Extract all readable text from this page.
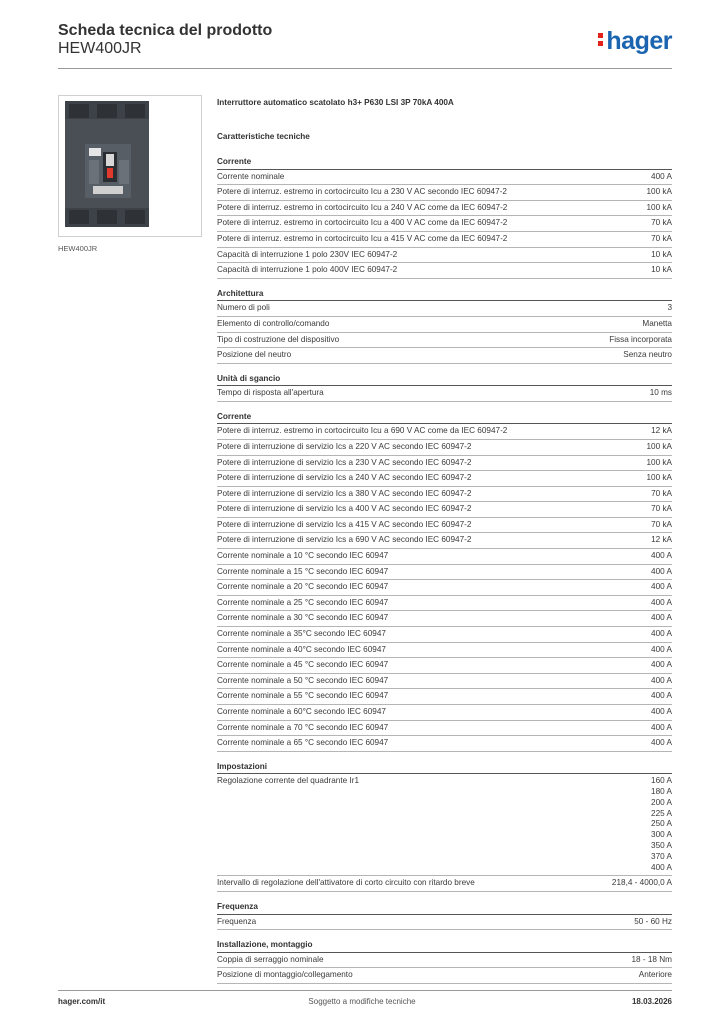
Scheda tecnica del prodotto
HEW400JR	hager
HEW400JR
Interruttore automatico scatolato h3+ P630 LSI 3P 70kA 400A
Caratteristiche tecniche
Corrente
Corrente nominale	400 A
Potere di interruz. estremo in cortocircuito Icu a 230 V AC secondo IEC 60947-2	100 kA
Potere di interruz. estremo in cortocircuito Icu a 240 V AC come da IEC 60947-2	100 kA
Potere di interruz. estremo in cortocircuito Icu a 400 V AC come da IEC 60947-2	70 kA
Potere di interruz. estremo in cortocircuito Icu a 415 V AC come da IEC 60947-2	70 kA
Capacità di interruzione 1 polo 230V IEC 60947-2	10 kA
Capacità di interruzione 1 polo 400V IEC 60947-2	10 kA
Architettura
Numero di poli	3
Elemento di controllo/comando	Manetta
Tipo di costruzione del dispositivo	Fissa incorporata
Posizione del neutro	Senza neutro
Unità di sgancio
Tempo di risposta all'apertura	10 ms
Corrente
Potere di interruz. estremo in cortocircuito Icu a 690 V AC come da IEC 60947-2	12 kA
Potere di interruzione di servizio Ics a 220 V AC secondo IEC 60947-2	100 kA
Potere di interruzione di servizio Ics a 230 V AC secondo IEC 60947-2	100 kA
Potere di interruzione di servizio Ics a 240 V AC secondo IEC 60947-2	100 kA
Potere di interruzione di servizio Ics a 380 V AC secondo IEC 60947-2	70 kA
Potere di interruzione di servizio Ics a 400 V AC secondo IEC 60947-2	70 kA
Potere di interruzione di servizio Ics a 415 V AC secondo IEC 60947-2	70 kA
Potere di interruzione di servizio Ics a 690 V AC secondo IEC 60947-2	12 kA
Corrente nominale a 10 °C secondo IEC 60947	400 A
Corrente nominale a 15 °C secondo IEC 60947	400 A
Corrente nominale a 20 °C secondo IEC 60947	400 A
Corrente nominale a 25 °C secondo IEC 60947	400 A
Corrente nominale a 30 °C secondo IEC 60947	400 A
Corrente nominale a 35°C secondo IEC 60947	400 A
Corrente nominale a 40°C secondo IEC 60947	400 A
Corrente nominale a 45 °C secondo IEC 60947	400 A
Corrente nominale a 50 °C secondo IEC 60947	400 A
Corrente nominale a 55 °C secondo IEC 60947	400 A
Corrente nominale a 60°C secondo IEC 60947	400 A
Corrente nominale a 70 °C secondo IEC 60947	400 A
Corrente nominale a 65 °C secondo IEC 60947	400 A
Impostazioni
Regolazione corrente del quadrante Ir1	160 A
180 A
200 A
225 A
250 A
300 A
350 A
370 A
400 A
Intervallo di regolazione dell'attivatore di corto circuito con ritardo breve	218,4 - 4000,0 A
Frequenza
Frequenza	50 - 60 Hz
Installazione, montaggio
Coppia di serraggio nominale	18 - 18 Nm
Posizione di montaggio/collegamento	Anteriore
hager.com/it	Soggetto a modifiche tecniche	18.03.2026
